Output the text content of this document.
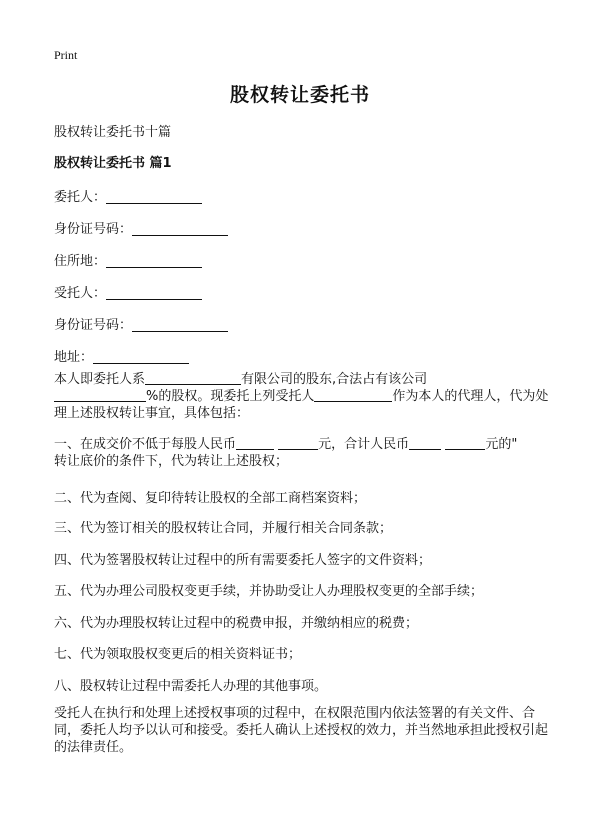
Print
股权转让委托书
股权转让委托书十篇
股权转让委托书 篇1
委托人：
身份证号码：
住所地：
受托人：
身份证号码：
地址：
本人即委托人系	有限公司的股东,合法占有该公司
%的股权。现委托上列受托人	作为本人的代理人，代为处理上述股权转让事宜，具体包括：
一、在成交价不低于每股人民币	元，合计人民币	元的"
转让底价的条件下，代为转让上述股权；
二、代为查阅、复印待转让股权的全部工商档案资料；
三、代为签订相关的股权转让合同，并履行相关合同条款；
四、代为签署股权转让过程中的所有需要委托人签字的文件资料；
五、代为办理公司股权变更手续，并协助受让人办理股权变更的全部手续；
六、代为办理股权转让过程中的税费申报，并缴纳相应的税费；
七、代为领取股权变更后的相关资料证书；
八、股权转让过程中需委托人办理的其他事项。
受托人在执行和处理上述授权事项的过程中，在权限范围内依法签署的有关文件、合同，委托人均予以认可和接受。委托人确认上述授权的效力，并当然地承担此授权引起的法律责任。
